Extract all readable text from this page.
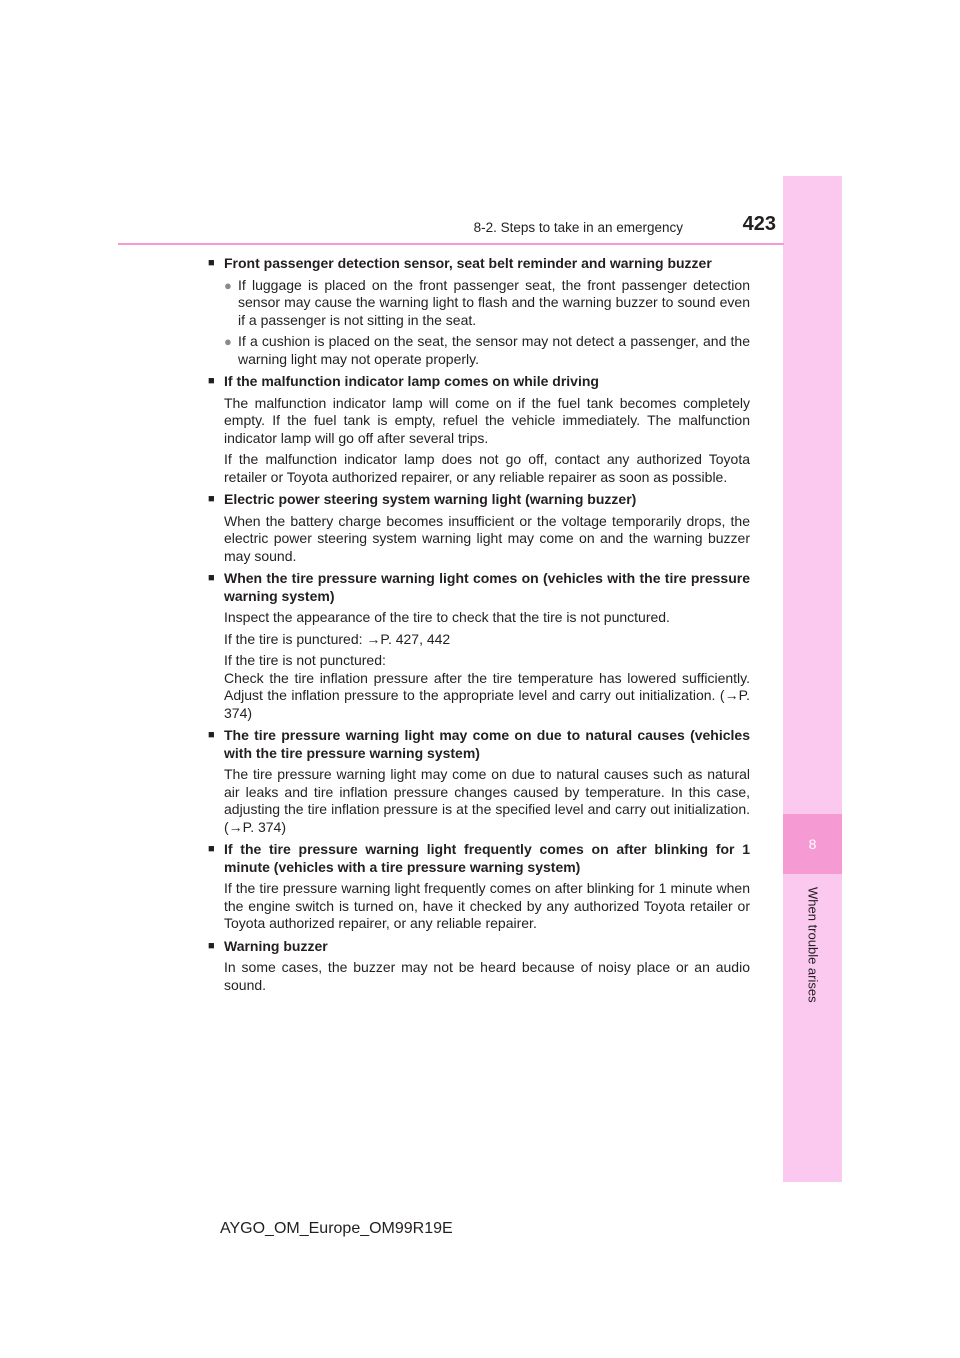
8
When trouble arises
8-2. Steps to take in an emergency	423
■ Front passenger detection sensor, seat belt reminder and warning buzzer
● If luggage is placed on the front passenger seat, the front passenger detection sensor may cause the warning light to flash and the warning buzzer to sound even if a passenger is not sitting in the seat.
● If a cushion is placed on the seat, the sensor may not detect a passenger, and the warning light may not operate properly.
■ If the malfunction indicator lamp comes on while driving
The malfunction indicator lamp will come on if the fuel tank becomes completely empty. If the fuel tank is empty, refuel the vehicle immediately. The malfunction indicator lamp will go off after several trips.
If the malfunction indicator lamp does not go off, contact any authorized Toyota retailer or Toyota authorized repairer, or any reliable repairer as soon as possible.
■ Electric power steering system warning light (warning buzzer)
When the battery charge becomes insufficient or the voltage temporarily drops, the electric power steering system warning light may come on and the warning buzzer may sound.
■ When the tire pressure warning light comes on (vehicles with the tire pressure warning system)
Inspect the appearance of the tire to check that the tire is not punctured.
If the tire is punctured: →P. 427, 442
If the tire is not punctured:
Check the tire inflation pressure after the tire temperature has lowered sufficiently. Adjust the inflation pressure to the appropriate level and carry out initialization. (→P. 374)
■ The tire pressure warning light may come on due to natural causes (vehicles with the tire pressure warning system)
The tire pressure warning light may come on due to natural causes such as natural air leaks and tire inflation pressure changes caused by temperature. In this case, adjusting the tire inflation pressure is at the specified level and carry out initialization. (→P. 374)
■ If the tire pressure warning light frequently comes on after blinking for 1 minute (vehicles with a tire pressure warning system)
If the tire pressure warning light frequently comes on after blinking for 1 minute when the engine switch is turned on, have it checked by any authorized Toyota retailer or Toyota authorized repairer, or any reliable repairer.
■ Warning buzzer
In some cases, the buzzer may not be heard because of noisy place or an audio sound.
AYGO_OM_Europe_OM99R19E
